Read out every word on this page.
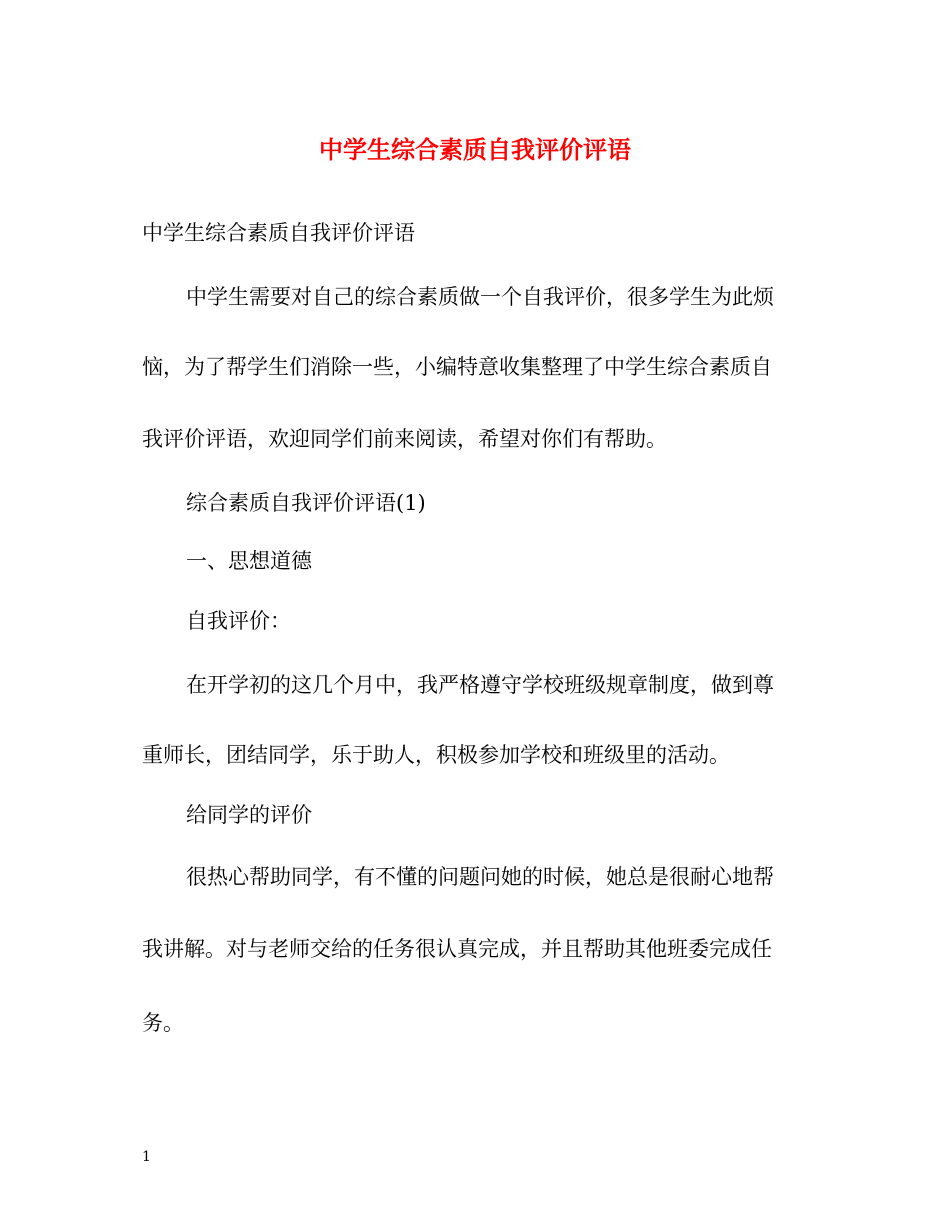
中学生综合素质自我评价评语
中学生综合素质自我评价评语
中学生需要对自己的综合素质做一个自我评价，很多学生为此烦
恼，为了帮学生们消除一些，小编特意收集整理了中学生综合素质自
我评价评语，欢迎同学们前来阅读，希望对你们有帮助。
综合素质自我评价评语(1)
一、思想道德
自我评价：
在开学初的这几个月中，我严格遵守学校班级规章制度，做到尊
重师长，团结同学，乐于助人，积极参加学校和班级里的活动。
给同学的评价
很热心帮助同学，有不懂的问题问她的时候，她总是很耐心地帮
我讲解。对与老师交给的任务很认真完成，并且帮助其他班委完成任
务。
1
